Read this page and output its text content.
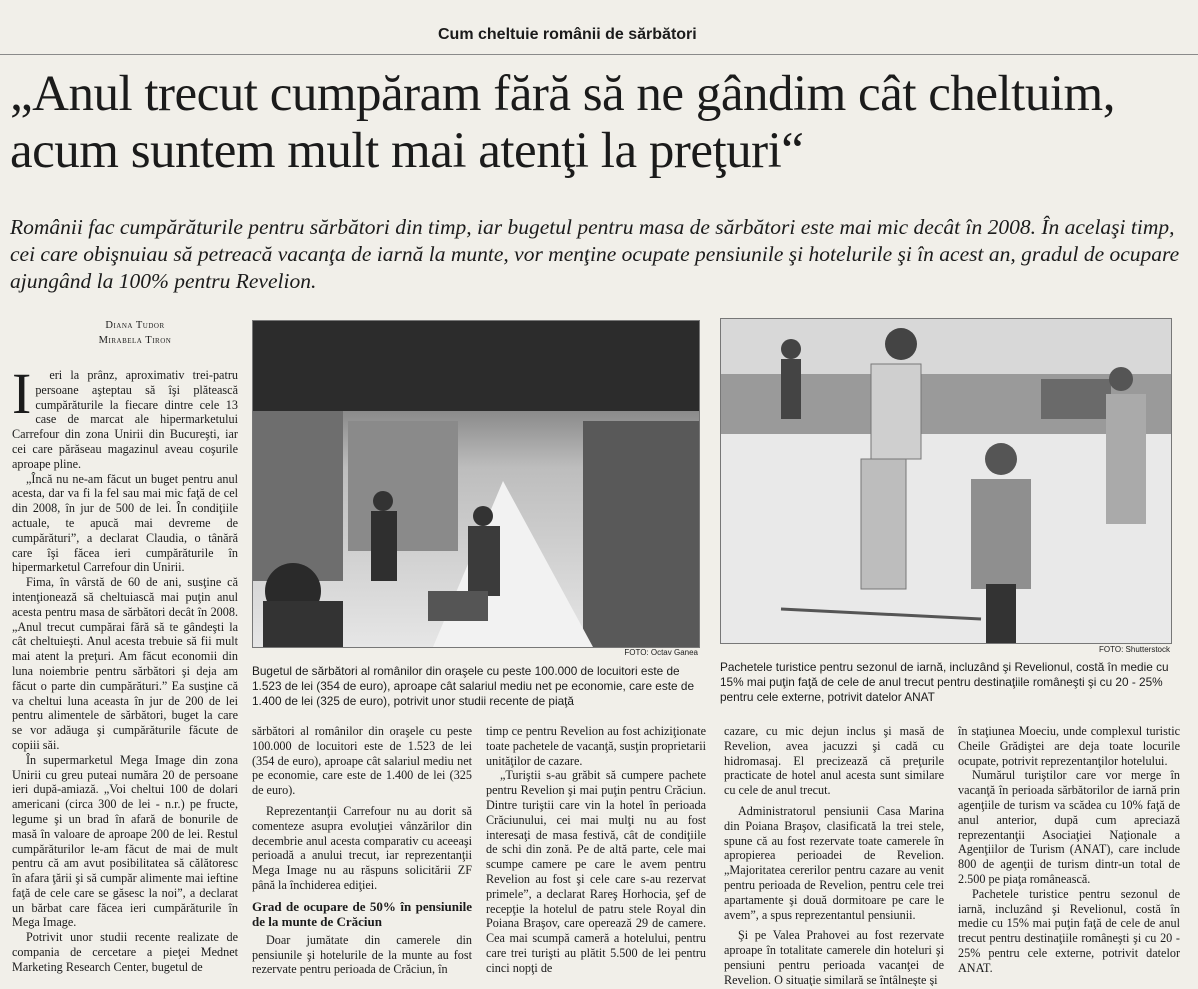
Cum cheltuie românii de sărbători
„Anul trecut cumpăram fără să ne gândim cât cheltuim, acum suntem mult mai atenţi la preţuri“
Românii fac cumpărăturile pentru sărbători din timp, iar bugetul pentru masa de sărbători este mai mic decât în 2008. În acelaşi timp, cei care obişnuiau să petreacă vacanţa de iarnă la munte, vor menţine ocupate pensiunile şi hotelurile şi în acest an, gradul de ocupare ajungând la 100% pentru Revelion.
Diana Tudor
Mirabela Tiron

I eri la prânz, aproximativ trei-patru persoane aşteptau să îşi plătească cumpărăturile la fiecare dintre cele 13 case de marcat ale hipermarketului Carrefour din zona Unirii din Bucureşti, iar cei care părăseau magazinul aveau coşurile aproape pline.

„Încă nu ne-am făcut un buget pentru anul acesta, dar va fi la fel sau mai mic faţă de cel din 2008, în jur de 500 de lei. În condiţiile actuale, te apucă mai devreme de cumpărături”, a declarat Claudia, o tânără care îşi făcea ieri cumpărăturile în hipermarketul Carrefour din Unirii.

Fima, în vârstă de 60 de ani, susţine că intenţionează să cheltuiască mai puţin anul acesta pentru masa de sărbători decât în 2008. „Anul trecut cumpărai fără să te gândeşti la cât cheltuieşti. Anul acesta trebuie să fii mult mai atent la preţuri. Am făcut economii din luna noiembrie pentru sărbători şi deja am făcut o parte din cumpărături.” Ea susţine că va cheltui luna aceasta în jur de 200 de lei pentru alimentele de sărbători, buget la care se vor adăuga şi cumpărăturile făcute de copiii săi.

În supermarketul Mega Image din zona Unirii cu greu puteai număra 20 de persoane ieri după-amiază. „Voi cheltui 100 de dolari americani (circa 300 de lei - n.r.) pe fructe, legume şi un brad în afară de bonurile de masă în valoare de aproape 200 de lei. Restul cumpărăturilor le-am făcut de mai de mult pentru că am avut posibilitatea să călătoresc în afara ţării şi să cumpăr alimente mai ieftine faţă de cele care se găsesc la noi”, a declarat un bărbat care făcea ieri cumpărăturile în Mega Image.

Potrivit unor studii recente realizate de compania de cercetare a pieţei Mednet Marketing Research Center, bugetul de

FOTO: Octav Ganea
Bugetul de sărbători al românilor din oraşele cu peste 100.000 de locuitori este de 1.523 de lei (354 de euro), aproape cât salariul mediu net pe economie, care este de 1.400 de lei (325 de euro), potrivit unor studii recente de piaţă
FOTO: Shutterstock
Pachetele turistice pentru sezonul de iarnă, incluzând şi Revelionul, costă în medie cu 15% mai puţin faţă de cele de anul trecut pentru destinaţiile româneşti şi cu 20 - 25% pentru cele externe, potrivit datelor ANAT

sărbători al românilor din oraşele cu peste 100.000 de locuitori este de 1.523 de lei (354 de euro), aproape cât salariul mediu net pe economie, care este de 1.400 de lei (325 de euro).

Reprezentanţii Carrefour nu au dorit să comenteze asupra evoluţiei vânzărilor din decembrie anul acesta comparativ cu aceeaşi perioadă a anului trecut, iar reprezentanţii Mega Image nu au răspuns solicitării ZF până la închiderea ediţiei.

Grad de ocupare de 50% în pensiunile de la munte de Crăciun

Doar jumătate din camerele din pensiunile şi hotelurile de la munte au fost rezervate pentru perioada de Crăciun, în

timp ce pentru Revelion au fost achiziţionate toate pachetele de vacanţă, susţin proprietarii unităţilor de cazare.

„Turiştii s-au grăbit să cumpere pachete pentru Revelion şi mai puţin pentru Crăciun. Dintre turiştii care vin la hotel în perioada Crăciunului, cei mai mulţi nu au fost interesaţi de masa festivă, cât de condiţiile de schi din zonă. Pe de altă parte, cele mai scumpe camere pe care le avem pentru Revelion au fost şi cele care s-au rezervat primele”, a declarat Rareş Horhocia, şef de recepţie la hotelul de patru stele Royal din Poiana Braşov, care operează 29 de camere. Cea mai scumpă cameră a hotelului, pentru care trei turişti au plătit 5.500 de lei pentru cinci nopţi de

cazare, cu mic dejun inclus şi masă de Revelion, avea jacuzzi şi cadă cu hidromasaj. El precizează că preţurile practicate de hotel anul acesta sunt similare cu cele de anul trecut.

Administratorul pensiunii Casa Marina din Poiana Braşov, clasificată la trei stele, spune că au fost rezervate toate camerele în apropierea perioadei de Revelion. „Majoritatea cererilor pentru cazare au venit pentru perioada de Revelion, pentru cele trei apartamente şi două dormitoare pe care le avem”, a spus reprezentantul pensiunii.

Şi pe Valea Prahovei au fost rezervate aproape în totalitate camerele din hoteluri şi pensiuni pentru perioada vacanţei de Revelion. O situaţie similară se întâlneşte şi

în staţiunea Moeciu, unde complexul turistic Cheile Grădiştei are deja toate locurile ocupate, potrivit reprezentanţilor hotelului.

Numărul turiştilor care vor merge în vacanţă în perioada sărbătorilor de iarnă prin agenţiile de turism va scădea cu 10% faţă de anul anterior, după cum apreciază reprezentanţii Asociaţiei Naţionale a Agenţiilor de Turism (ANAT), care include 800 de agenţii de turism dintr-un total de 2.500 pe piaţa românească.

Pachetele turistice pentru sezonul de iarnă, incluzând şi Revelionul, costă în medie cu 15% mai puţin faţă de cele de anul trecut pentru destinaţiile româneşti şi cu 20 - 25% pentru cele externe, potrivit datelor ANAT.
